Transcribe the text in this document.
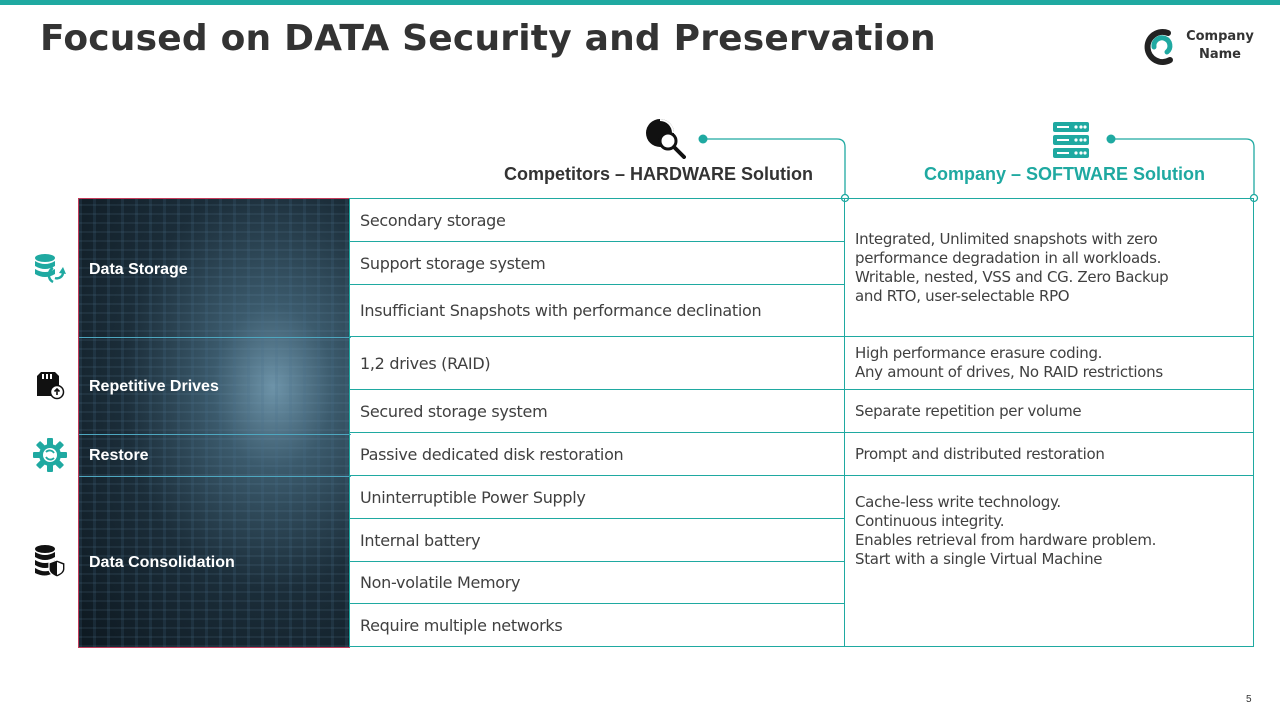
Focused on DATA Security and Preservation	Company Name
Competitors – HARDWARE Solution	Company – SOFTWARE Solution
Data Storage
Repetitive Drives
Restore
Data Consolidation
Secondary storage
Support storage system
Insufficiant Snapshots with performance declination
1,2 drives (RAID)
Secured storage system
Passive dedicated disk restoration
Uninterruptible Power Supply
Internal battery
Non-volatile Memory
Require multiple networks
Integrated, Unlimited snapshots with zero
performance degradation in all workloads.
Writable, nested, VSS and CG. Zero Backup
and RTO, user-selectable RPO
High performance erasure coding.
Any amount of drives, No RAID restrictions
Separate repetition per volume
Prompt and distributed restoration
Cache-less write technology.
Continuous integrity.
Enables retrieval from hardware problem.
Start with a single Virtual Machine
5
